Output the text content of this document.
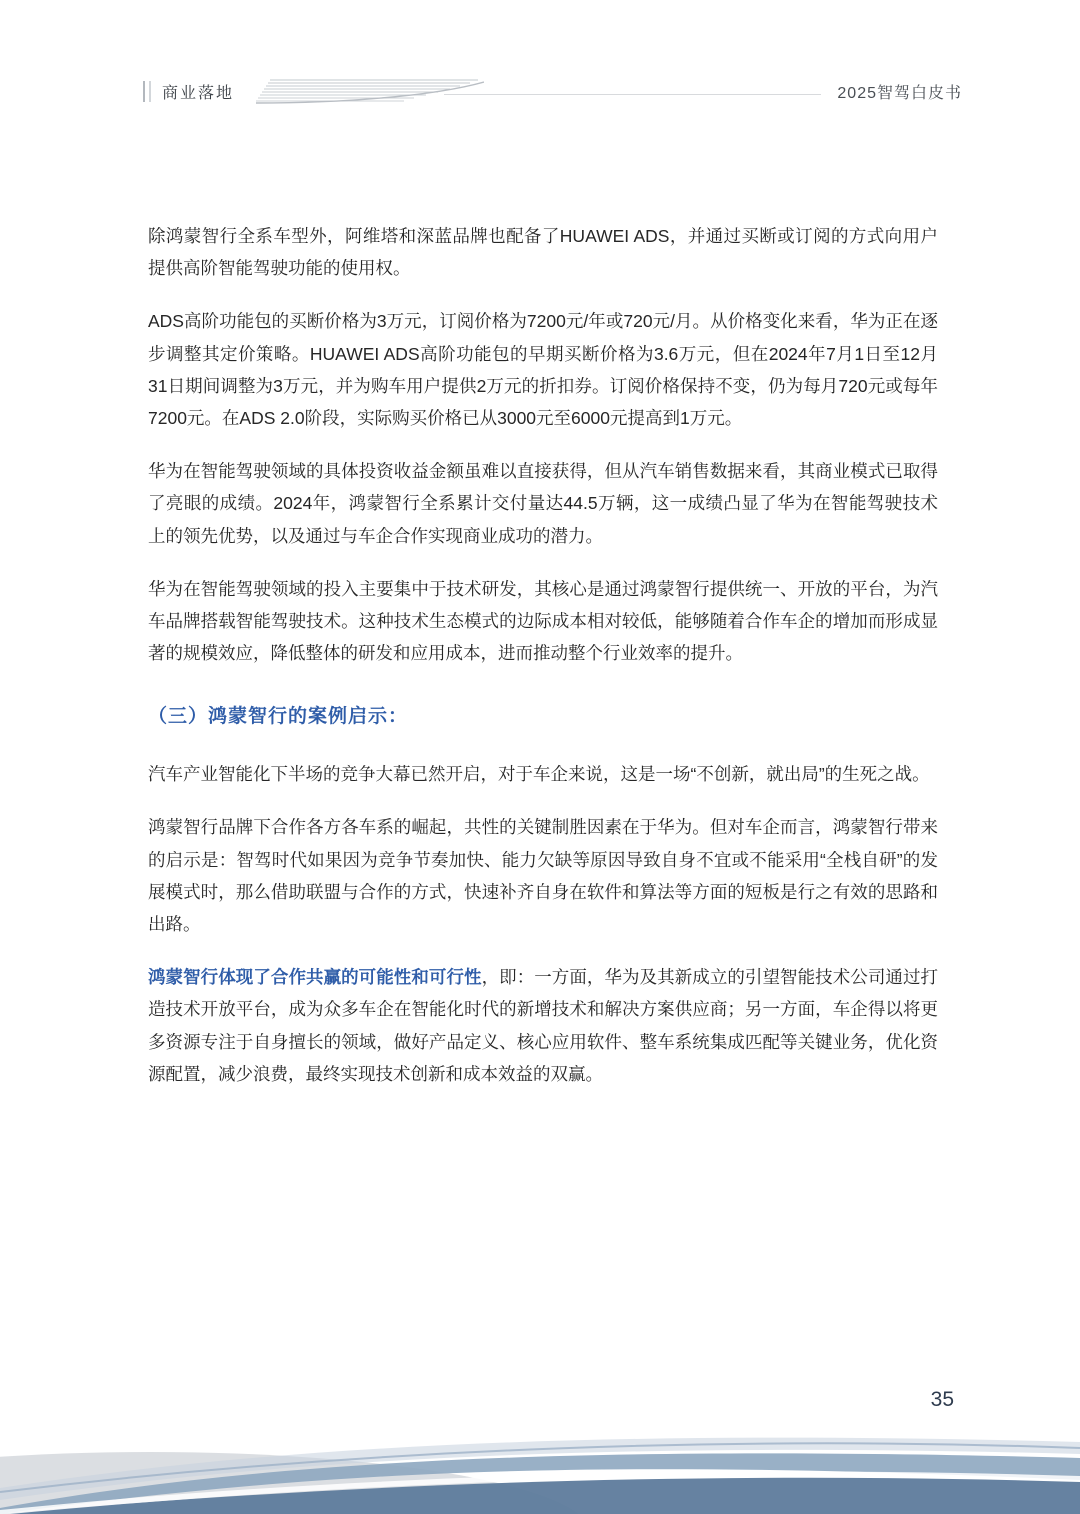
商业落地	2025智驾白皮书

除鸿蒙智行全系车型外，阿维塔和深蓝品牌也配备了HUAWEI ADS，并通过买断或订阅的方式向用户提供高阶智能驾驶功能的使用权。

ADS高阶功能包的买断价格为3万元，订阅价格为7200元/年或720元/月。从价格变化来看，华为正在逐步调整其定价策略。HUAWEI ADS高阶功能包的早期买断价格为3.6万元，但在2024年7月1日至12月31日期间调整为3万元，并为购车用户提供2万元的折扣券。订阅价格保持不变，仍为每月720元或每年7200元。在ADS 2.0阶段，实际购买价格已从3000元至6000元提高到1万元。

华为在智能驾驶领域的具体投资收益金额虽难以直接获得，但从汽车销售数据来看，其商业模式已取得了亮眼的成绩。2024年，鸿蒙智行全系累计交付量达44.5万辆，这一成绩凸显了华为在智能驾驶技术上的领先优势，以及通过与车企合作实现商业成功的潜力。

华为在智能驾驶领域的投入主要集中于技术研发，其核心是通过鸿蒙智行提供统一、开放的平台，为汽车品牌搭载智能驾驶技术。这种技术生态模式的边际成本相对较低，能够随着合作车企的增加而形成显著的规模效应，降低整体的研发和应用成本，进而推动整个行业效率的提升。

（三）鸿蒙智行的案例启示：

汽车产业智能化下半场的竞争大幕已然开启，对于车企来说，这是一场“不创新，就出局”的生死之战。

鸿蒙智行品牌下合作各方各车系的崛起，共性的关键制胜因素在于华为。但对车企而言，鸿蒙智行带来的启示是：智驾时代如果因为竞争节奏加快、能力欠缺等原因导致自身不宜或不能采用“全栈自研”的发展模式时，那么借助联盟与合作的方式，快速补齐自身在软件和算法等方面的短板是行之有效的思路和出路。

鸿蒙智行体现了合作共赢的可能性和可行性，即：一方面，华为及其新成立的引望智能技术公司通过打造技术开放平台，成为众多车企在智能化时代的新增技术和解决方案供应商；另一方面，车企得以将更多资源专注于自身擅长的领域，做好产品定义、核心应用软件、整车系统集成匹配等关键业务，优化资源配置，减少浪费，最终实现技术创新和成本效益的双赢。

35
